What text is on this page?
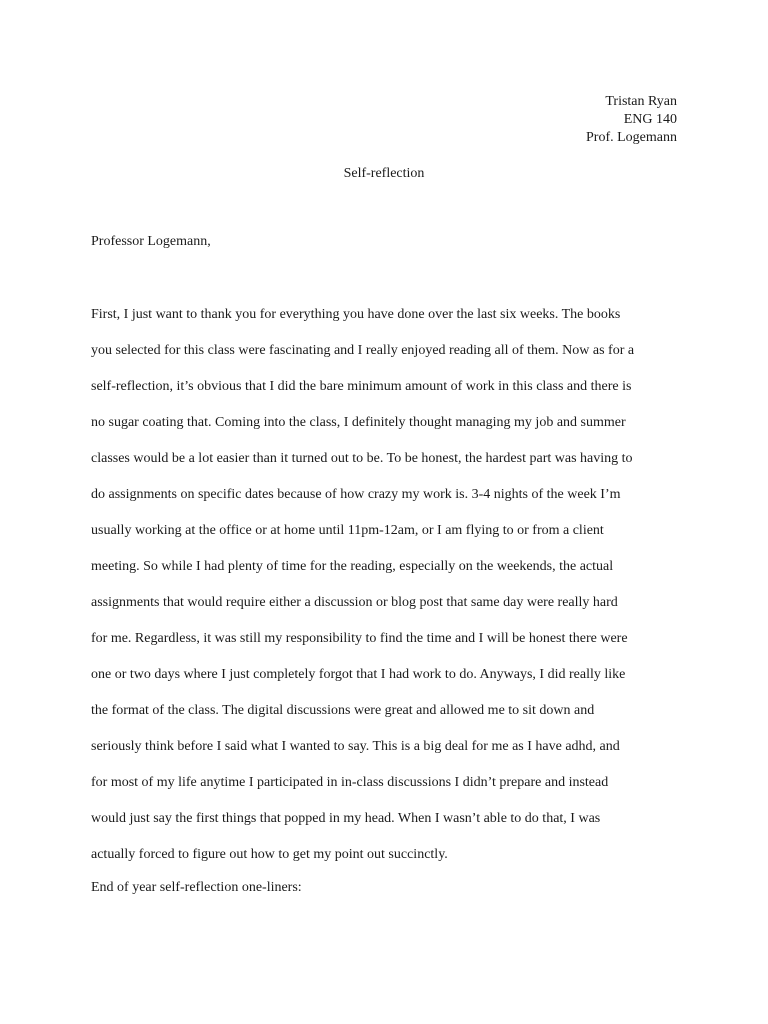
Tristan Ryan
ENG 140
Prof. Logemann
Self-reflection
Professor Logemann,
First, I just want to thank you for everything you have done over the last six weeks. The books
you selected for this class were fascinating and I really enjoyed reading all of them. Now as for a
self-reflection, it’s obvious that I did the bare minimum amount of work in this class and there is
no sugar coating that. Coming into the class, I definitely thought managing my job and summer
classes would be a lot easier than it turned out to be. To be honest, the hardest part was having to
do assignments on specific dates because of how crazy my work is. 3-4 nights of the week I’m
usually working at the office or at home until 11pm-12am, or I am flying to or from a client
meeting. So while I had plenty of time for the reading, especially on the weekends, the actual
assignments that would require either a discussion or blog post that same day were really hard
for me. Regardless, it was still my responsibility to find the time and I will be honest there were
one or two days where I just completely forgot that I had work to do. Anyways, I did really like
the format of the class. The digital discussions were great and allowed me to sit down and
seriously think before I said what I wanted to say. This is a big deal for me as I have adhd, and
for most of my life anytime I participated in in-class discussions I didn’t prepare and instead
would just say the first things that popped in my head. When I wasn’t able to do that, I was
actually forced to figure out how to get my point out succinctly.
End of year self-reflection one-liners:
